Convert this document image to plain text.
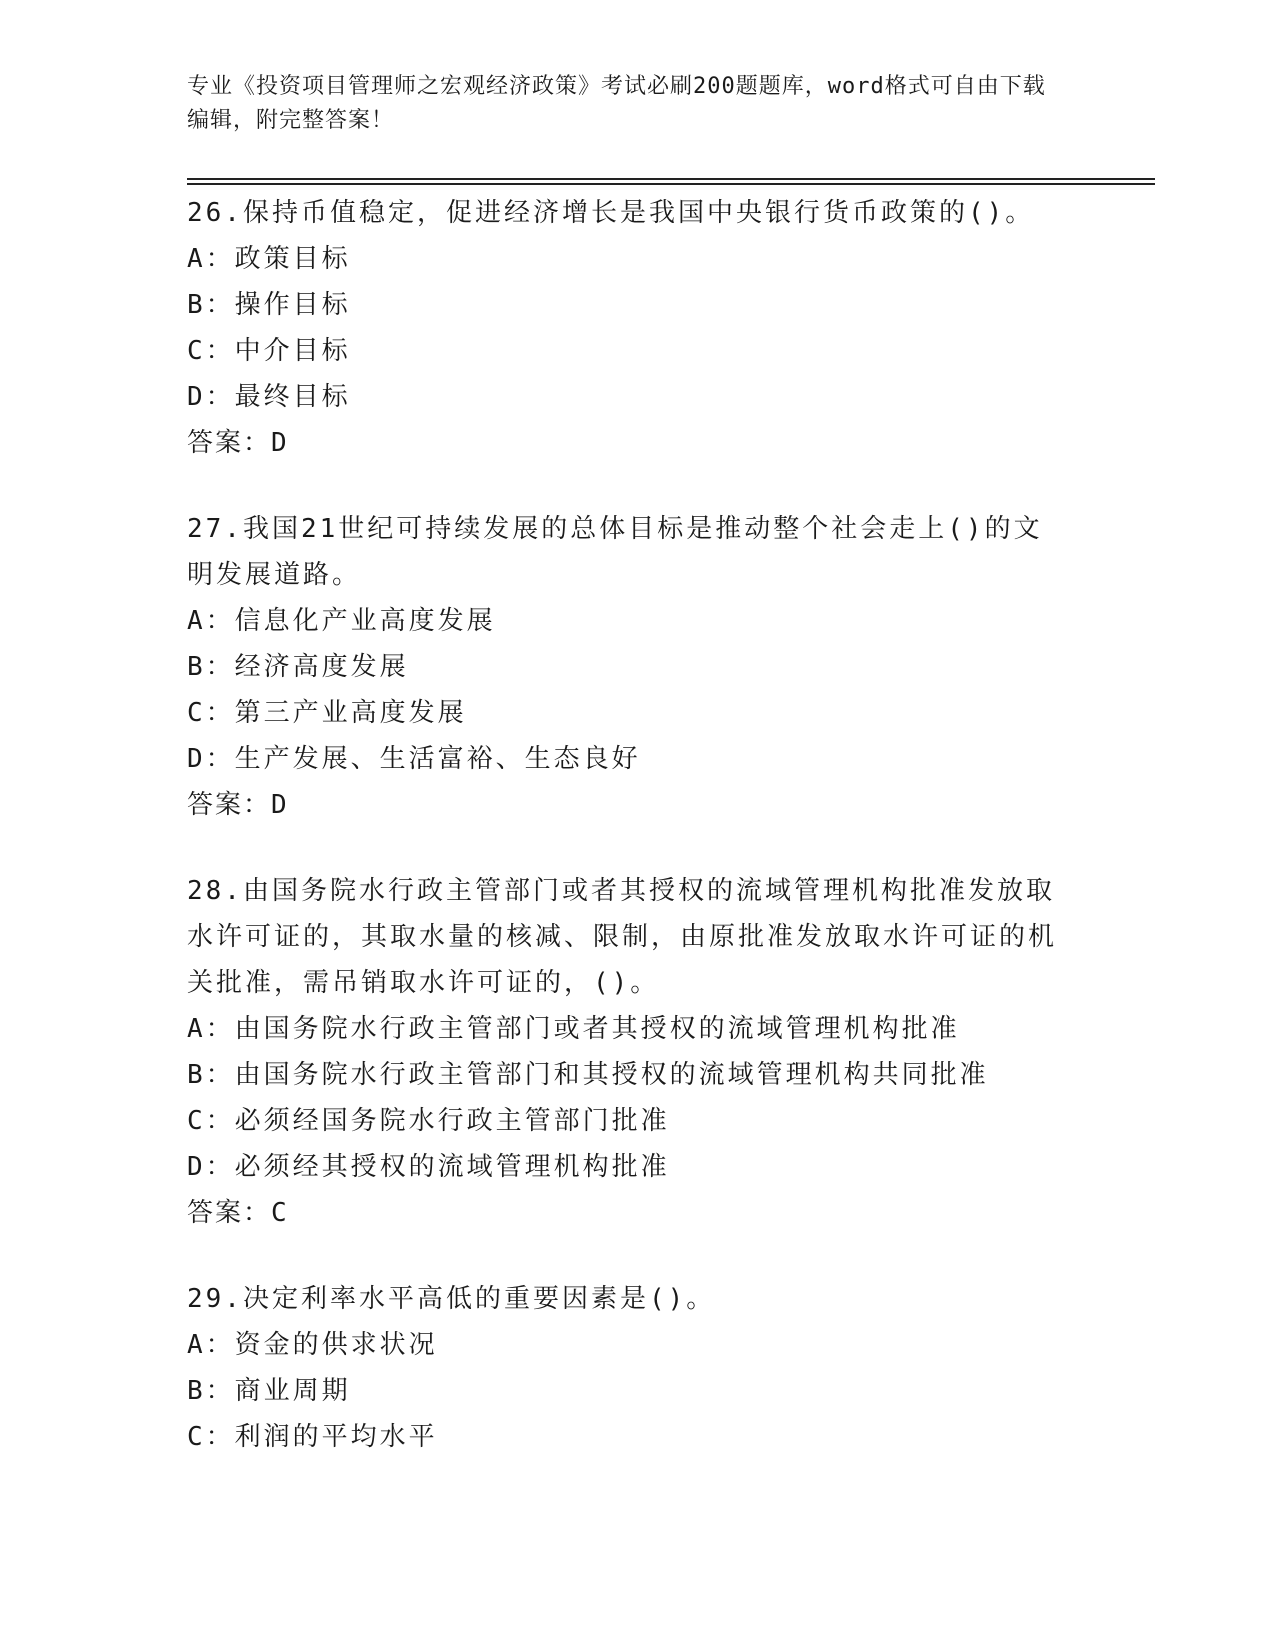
专业《投资项目管理师之宏观经济政策》考试必刷200题题库，word格式可自由下载编辑，附完整答案！

26.保持币值稳定，促进经济增长是我国中央银行货币政策的()。

A：政策目标

B：操作目标

C：中介目标

D：最终目标

答案：D

27.我国21世纪可持续发展的总体目标是推动整个社会走上()的文明发展道路。

A：信息化产业高度发展

B：经济高度发展

C：第三产业高度发展

D：生产发展、生活富裕、生态良好

答案：D

28.由国务院水行政主管部门或者其授权的流域管理机构批准发放取水许可证的，其取水量的核减、限制，由原批准发放取水许可证的机关批准，需吊销取水许可证的，()。

A：由国务院水行政主管部门或者其授权的流域管理机构批准

B：由国务院水行政主管部门和其授权的流域管理机构共同批准

C：必须经国务院水行政主管部门批准

D：必须经其授权的流域管理机构批准

答案：C

29.决定利率水平高低的重要因素是()。

A：资金的供求状况

B：商业周期

C：利润的平均水平
